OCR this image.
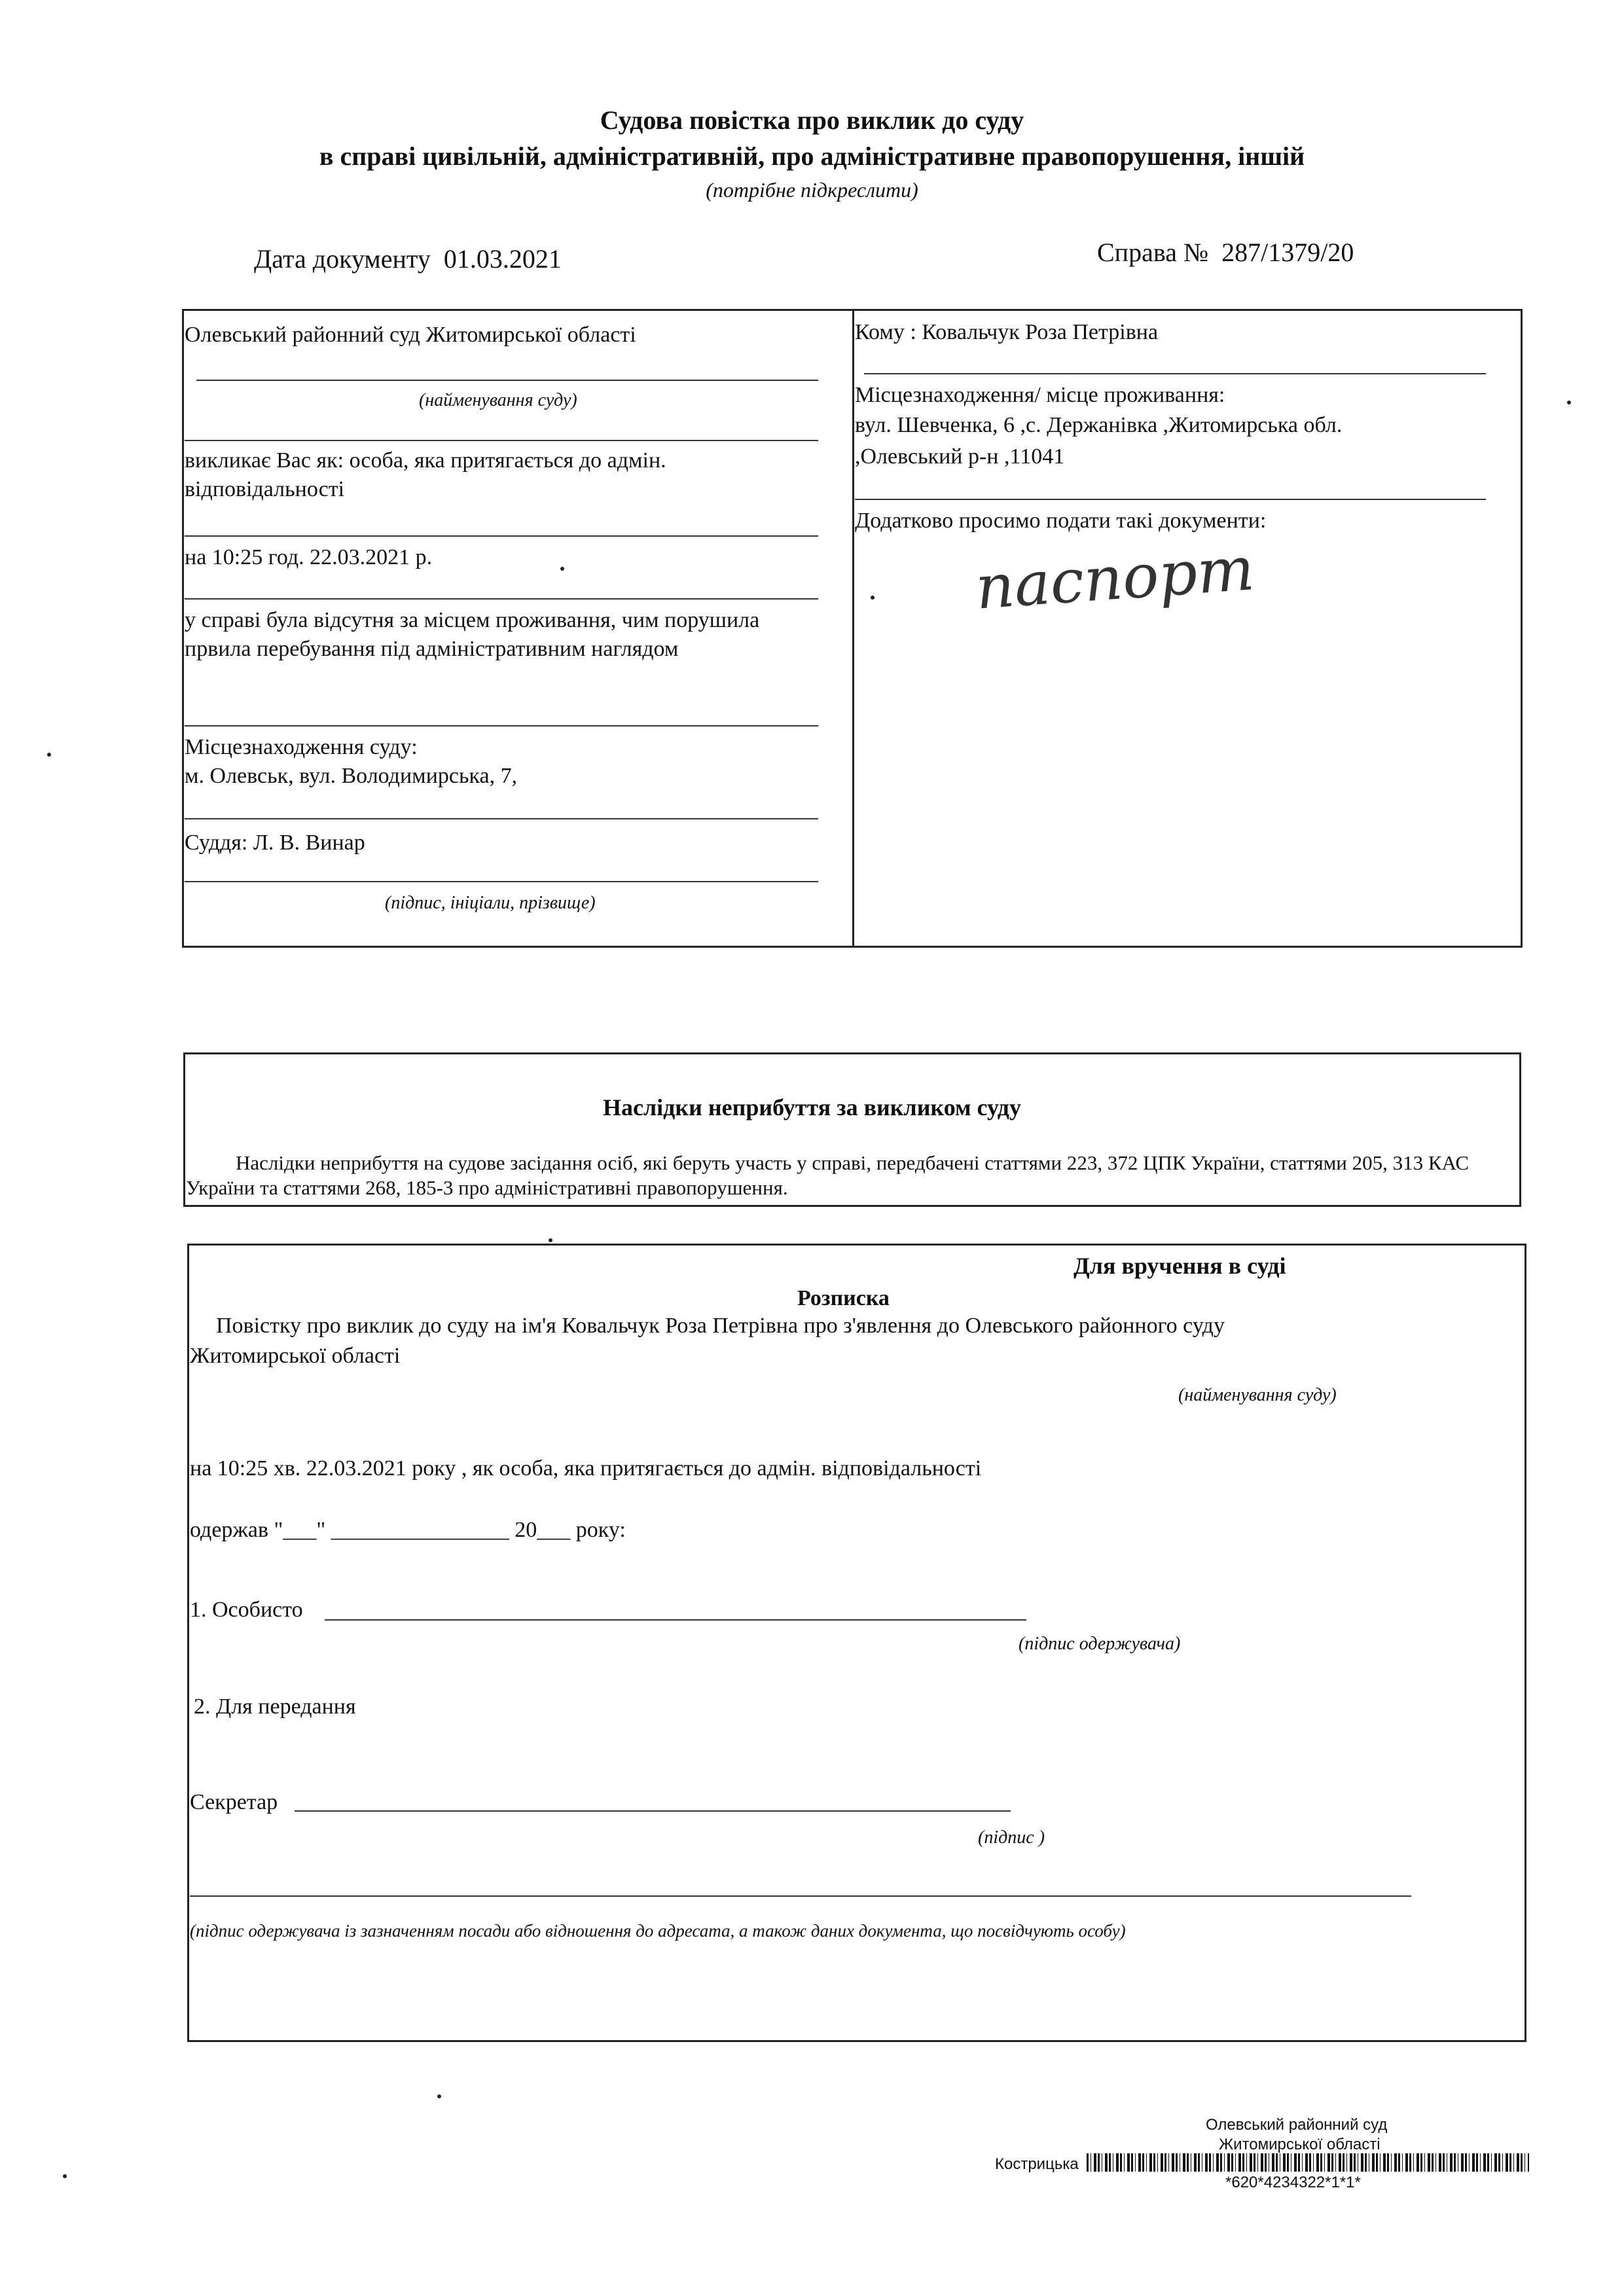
Судова повістка про виклик до суду
в справі цивільній, адміністративній, про адміністративне правопорушення, іншій
(потрібне підкреслити)
Дата документу 01.03.2021	Справа № 287/1379/20
Олевський районний суд Житомирської області
(найменування суду)
викликає Вас як: особа, яка притягається до адмін. відповідальності
на 10:25 год. 22.03.2021 р.
у справі була відсутня за місцем проживання, чим порушила првила перебування під адміністративним наглядом
Місцезнаходження суду:
м. Олевськ, вул. Володимирська, 7,
Суддя: Л. В. Винар
(підпис, ініціали, прізвище)
Кому : Ковальчук Роза Петрівна
Місцезнаходження/ місце проживання:
вул. Шевченка, 6 ,с. Держанівка ,Житомирська обл.
,Олевський р-н ,11041
Додатково просимо подати такі документи:
паспорт
Наслідки неприбуття за викликом суду
Наслідки неприбуття на судове засідання осіб, які беруть участь у справі, передбачені статтями 223, 372 ЦПК України, статтями 205, 313 КАС України та статтями 268, 185-3 про адміністративні правопорушення.
Для вручення в суді
Розписка
Повістку про виклик до суду на ім'я Ковальчук Роза Петрівна про з'явлення до Олевського районного суду
Житомирської області
(найменування суду)
на 10:25 хв. 22.03.2021 року , як особа, яка притягається до адмін. відповідальності
одержав "___" ________________ 20___ року:
1. Особисто
(підпис одержувача)
2. Для передання
Секретар
(підпис )
(підпис одержувача із зазначенням посади або відношення до адресата, а також даних документа, що посвідчують особу)
Олевський районний суд
Житомирської області
Кострицька
*620*4234322*1*1*
